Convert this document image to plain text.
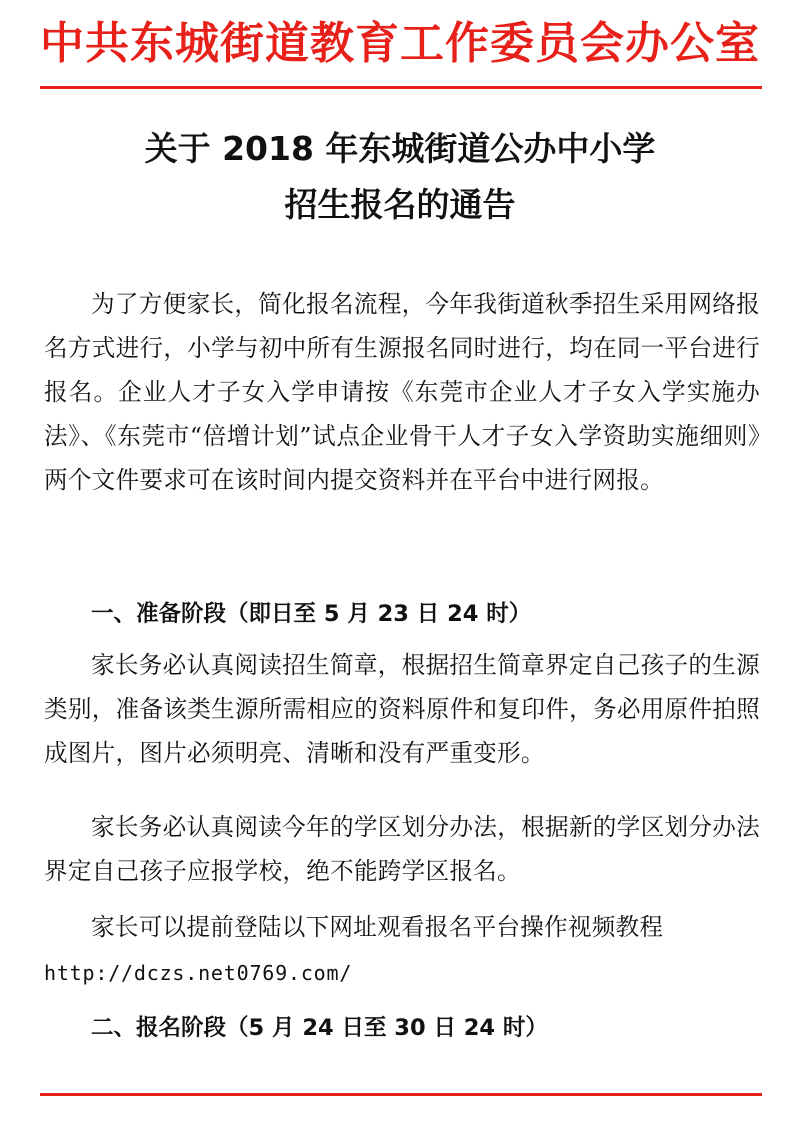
中共东城街道教育工作委员会办公室
关于 2018 年东城街道公办中小学
招生报名的通告

为了方便家长，简化报名流程，今年我街道秋季招生采用网络报名方式进行，小学与初中所有生源报名同时进行，均在同一平台进行报名。企业人才子女入学申请按《东莞市企业人才子女入学实施办法》、《东莞市“倍增计划”试点企业骨干人才子女入学资助实施细则》两个文件要求可在该时间内提交资料并在平台中进行网报。

一、准备阶段（即日至 5 月 23 日 24 时）

家长务必认真阅读招生简章，根据招生简章界定自己孩子的生源类别，准备该类生源所需相应的资料原件和复印件，务必用原件拍照成图片，图片必须明亮、清晰和没有严重变形。

家长务必认真阅读今年的学区划分办法，根据新的学区划分办法界定自己孩子应报学校，绝不能跨学区报名。

家长可以提前登陆以下网址观看报名平台操作视频教程

http://dczs.net0769.com/
二、报名阶段（5 月 24 日至 30 日 24 时）
